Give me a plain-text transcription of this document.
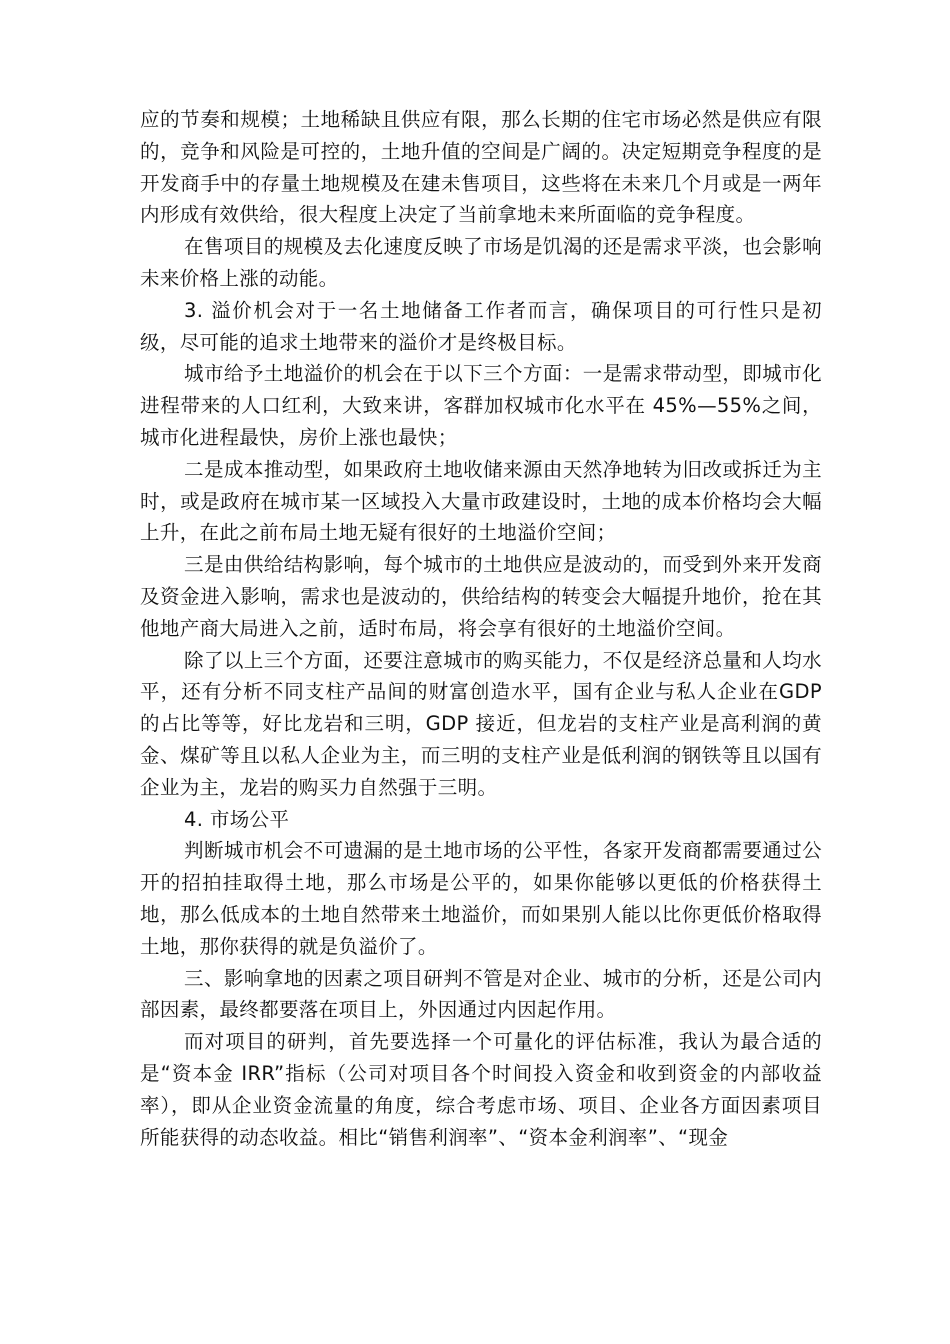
应的节奏和规模；土地稀缺且供应有限，那么长期的住宅市场必然是供应有限的，竞争和风险是可控的，土地升值的空间是广阔的。决定短期竞争程度的是开发商手中的存量土地规模及在建未售项目，这些将在未来几个月或是一两年内形成有效供给，很大程度上决定了当前拿地未来所面临的竞争程度。

在售项目的规模及去化速度反映了市场是饥渴的还是需求平淡，也会影响未来价格上涨的动能。

3. 溢价机会对于一名土地储备工作者而言，确保项目的可行性只是初级，尽可能的追求土地带来的溢价才是终极目标。

城市给予土地溢价的机会在于以下三个方面：一是需求带动型，即城市化进程带来的人口红利，大致来讲，客群加权城市化水平在 45%—55%之间，城市化进程最快，房价上涨也最快；

二是成本推动型，如果政府土地收储来源由天然净地转为旧改或拆迁为主时，或是政府在城市某一区域投入大量市政建设时，土地的成本价格均会大幅上升，在此之前布局土地无疑有很好的土地溢价空间；

三是由供给结构影响，每个城市的土地供应是波动的，而受到外来开发商及资金进入影响，需求也是波动的，供给结构的转变会大幅提升地价，抢在其他地产商大局进入之前，适时布局，将会享有很好的土地溢价空间。

除了以上三个方面，还要注意城市的购买能力，不仅是经济总量和人均水平，还有分析不同支柱产品间的财富创造水平，国有企业与私人企业在GDP 的占比等等，好比龙岩和三明，GDP 接近，但龙岩的支柱产业是高利润的黄金、煤矿等且以私人企业为主，而三明的支柱产业是低利润的钢铁等且以国有企业为主，龙岩的购买力自然强于三明。

4. 市场公平

判断城市机会不可遗漏的是土地市场的公平性，各家开发商都需要通过公开的招拍挂取得土地，那么市场是公平的，如果你能够以更低的价格获得土地，那么低成本的土地自然带来土地溢价，而如果别人能以比你更低价格取得土地，那你获得的就是负溢价了。

三、影响拿地的因素之项目研判不管是对企业、城市的分析，还是公司内部因素，最终都要落在项目上，外因通过内因起作用。

而对项目的研判，首先要选择一个可量化的评估标准，我认为最合适的是“资本金 IRR”指标（公司对项目各个时间投入资金和收到资金的内部收益率），即从企业资金流量的角度，综合考虑市场、项目、企业各方面因素项目所能获得的动态收益。相比“销售利润率”、“资本金利润率”、“现金
